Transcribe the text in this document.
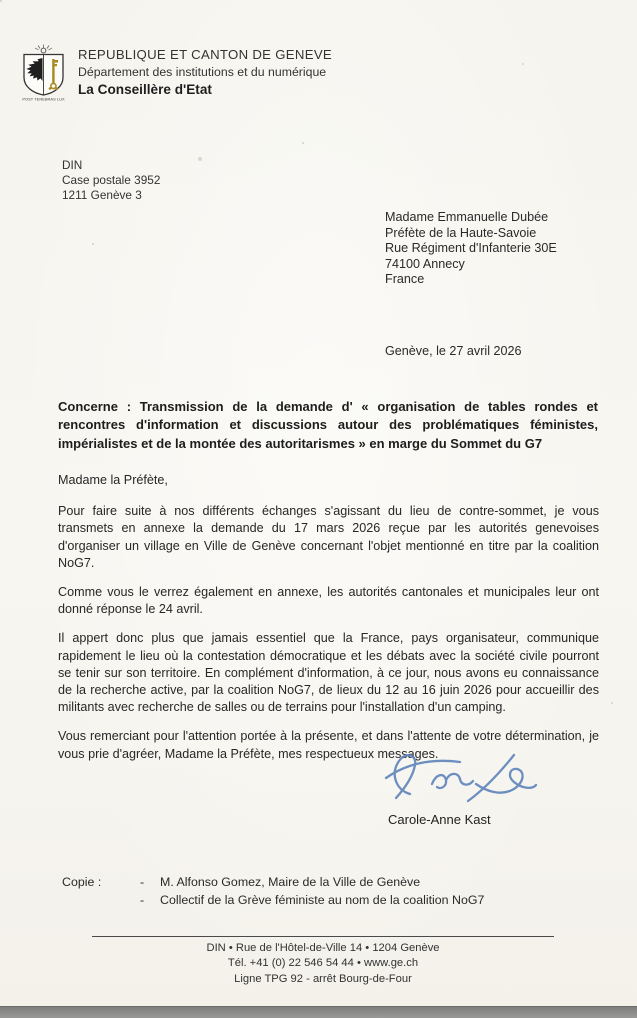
POST TENEBRAS LUX
REPUBLIQUE ET CANTON DE GENEVE
Département des institutions et du numérique
La Conseillère d'Etat
DIN
Case postale 3952
1211 Genève 3
Madame Emmanuelle Dubée
Préfète de la Haute-Savoie
Rue Régiment d'Infanterie 30E
74100 Annecy
France
Genève, le 27 avril 2026
Concerne : Transmission de la demande d' « organisation de tables rondes et rencontres d'information et discussions autour des problématiques féministes, impérialistes et de la montée des autoritarismes » en marge du Sommet du G7
Madame la Préfète,

Pour faire suite à nos différents échanges s'agissant du lieu de contre-sommet, je vous transmets en annexe la demande du 17 mars 2026 reçue par les autorités genevoises d'organiser un village en Ville de Genève concernant l'objet mentionné en titre par la coalition NoG7.

Comme vous le verrez également en annexe, les autorités cantonales et municipales leur ont donné réponse le 24 avril.

Il appert donc plus que jamais essentiel que la France, pays organisateur, communique rapidement le lieu où la contestation démocratique et les débats avec la société civile pourront se tenir sur son territoire. En complément d'information, à ce jour, nous avons eu connaissance de la recherche active, par la coalition NoG7, de lieux du 12 au 16 juin 2026 pour accueillir des militants avec recherche de salles ou de terrains pour l'installation d'un camping.

Vous remerciant pour l'attention portée à la présente, et dans l'attente de votre détermination, je vous prie d'agréer, Madame la Préfète, mes respectueux messages.

Carole-Anne Kast
Copie :	-	M. Alfonso Gomez, Maire de la Ville de Genève
-	Collectif de la Grève féministe au nom de la coalition NoG7
DIN • Rue de l'Hôtel-de-Ville 14 • 1204 Genève
Tél. +41 (0) 22 546 54 44 • www.ge.ch
Ligne TPG 92 - arrêt Bourg-de-Four
